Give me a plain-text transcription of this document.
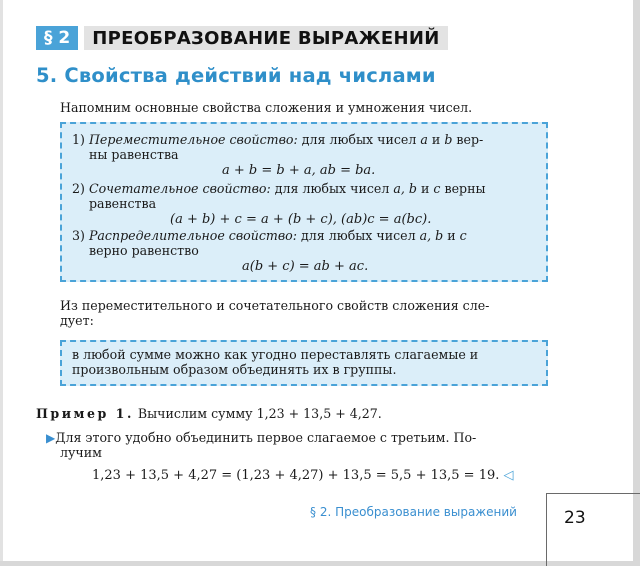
§ 2	ПРЕОБРАЗОВАНИЕ ВЫРАЖЕНИЙ
5. Свойства действий над числами
Напомним основные свойства сложения и умножения чисел.
1) Переместительное свойство: для любых чисел a и b вер-
ны равенства
a + b = b + a, ab = ba.
2) Сочетательное свойство: для любых чисел a, b и c верны
равенства
(a + b) + c = a + (b + c), (ab)c = a(bc).
3) Распределительное свойство: для любых чисел a, b и c
верно равенство
a(b + c) = ab + ac.
Из переместительного и сочетательного свойств сложения сле-
дует:
в любой сумме можно как угодно переставлять слагаемые и
произвольным образом объединять их в группы.
Пример 1. Вычислим сумму 1,23 + 13,5 + 4,27.
▶Для этого удобно объединить первое слагаемое с третьим. По-
лучим
1,23 + 13,5 + 4,27 = (1,23 + 4,27) + 13,5 = 5,5 + 13,5 = 19. ◁
§ 2. Преобразование выражений	23
